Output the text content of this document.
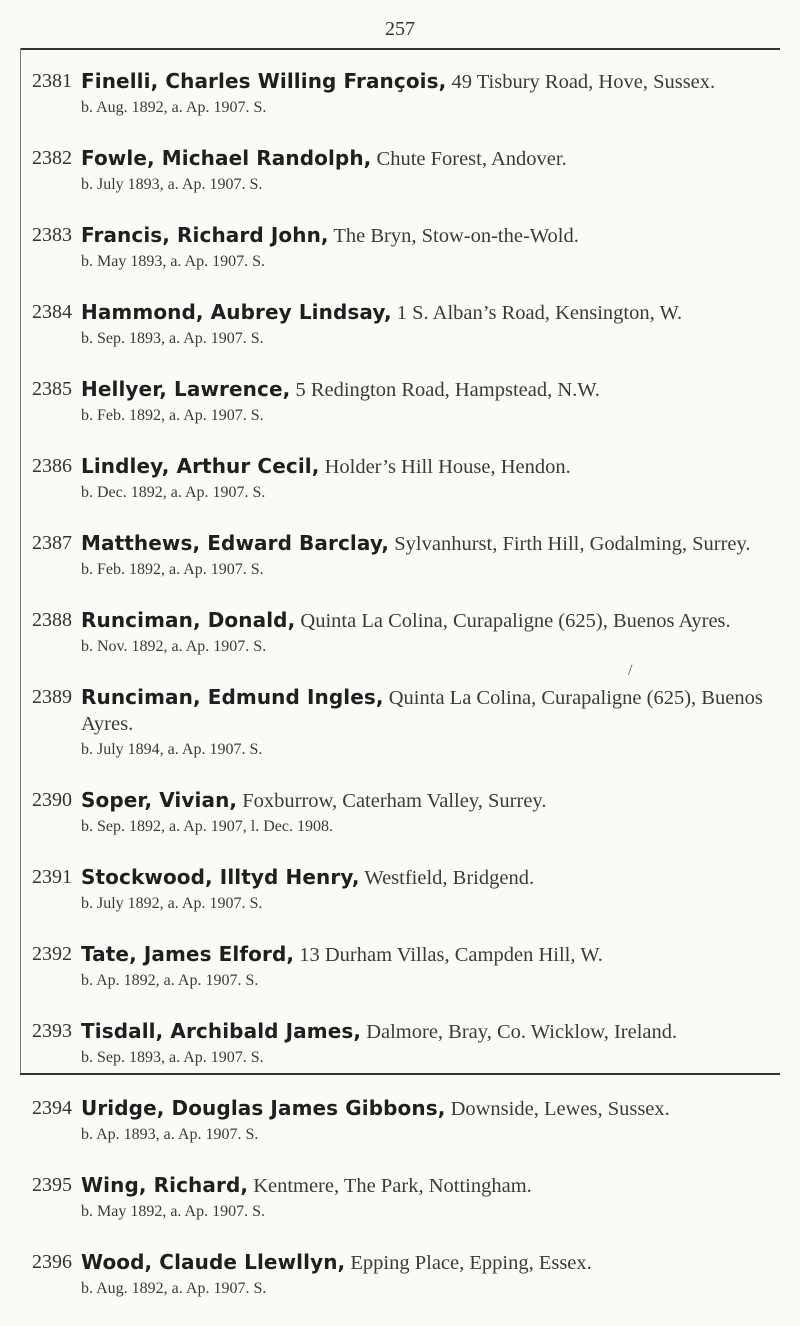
257
2381 Finelli, Charles Willing François, 49 Tisbury Road, Hove, Sussex.
b. Aug. 1892, a. Ap. 1907. S.
2382 Fowle, Michael Randolph, Chute Forest, Andover.
b. July 1893, a. Ap. 1907. S.
2383 Francis, Richard John, The Bryn, Stow-on-the-Wold.
b. May 1893, a. Ap. 1907. S.
2384 Hammond, Aubrey Lindsay, 1 S. Alban’s Road, Kensington, W.
b. Sep. 1893, a. Ap. 1907. S.
2385 Hellyer, Lawrence, 5 Redington Road, Hampstead, N.W.
b. Feb. 1892, a. Ap. 1907. S.
2386 Lindley, Arthur Cecil, Holder’s Hill House, Hendon.
b. Dec. 1892, a. Ap. 1907. S.
2387 Matthews, Edward Barclay, Sylvanhurst, Firth Hill, Godalming, Surrey.
b. Feb. 1892, a. Ap. 1907. S.
2388 Runciman, Donald, Quinta La Colina, Curapaligne (625), Buenos Ayres.
b. Nov. 1892, a. Ap. 1907. S.
/
2389 Runciman, Edmund Ingles, Quinta La Colina, Curapaligne (625), Buenos Ayres.
b. July 1894, a. Ap. 1907. S.
2390 Soper, Vivian, Foxburrow, Caterham Valley, Surrey.
b. Sep. 1892, a. Ap. 1907, l. Dec. 1908.
2391 Stockwood, Illtyd Henry, Westfield, Bridgend.
b. July 1892, a. Ap. 1907. S.
2392 Tate, James Elford, 13 Durham Villas, Campden Hill, W.
b. Ap. 1892, a. Ap. 1907. S.
2393 Tisdall, Archibald James, Dalmore, Bray, Co. Wicklow, Ireland.
b. Sep. 1893, a. Ap. 1907. S.
2394 Uridge, Douglas James Gibbons, Downside, Lewes, Sussex.
b. Ap. 1893, a. Ap. 1907. S.
2395 Wing, Richard, Kentmere, The Park, Nottingham.
b. May 1892, a. Ap. 1907. S.
2396 Wood, Claude Llewllyn, Epping Place, Epping, Essex.
b. Aug. 1892, a. Ap. 1907. S.
